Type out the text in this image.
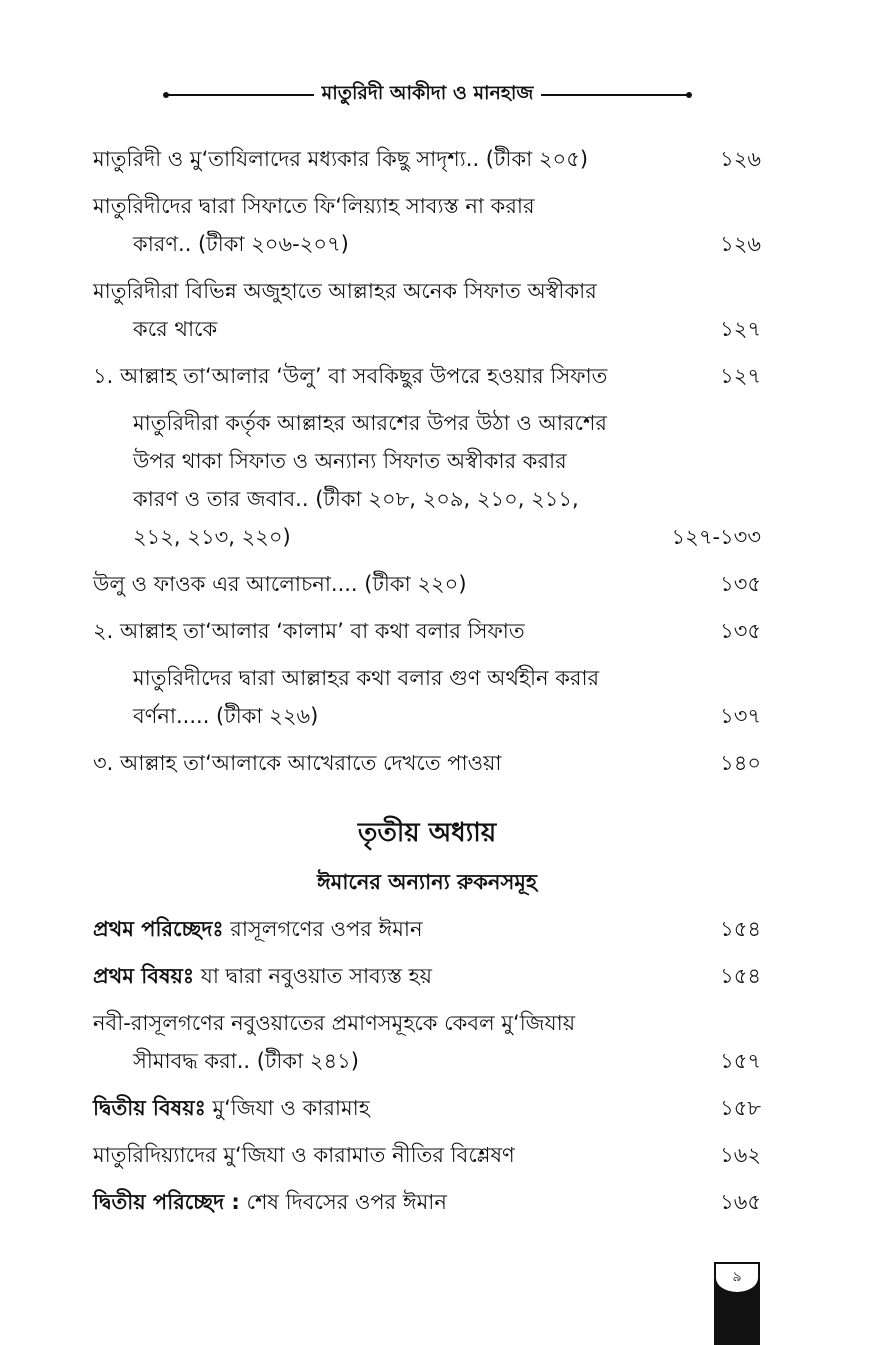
মাতুরিদী আকীদা ও মানহাজ
মাতুরিদী ও মু‘তাযিলাদের মধ্যকার কিছু সাদৃশ্য.. (টীকা ২০৫)	১২৬
মাতুরিদীদের দ্বারা সিফাতে ফি‘লিয়্যাহ সাব্যস্ত না করার
কারণ.. (টীকা ২০৬-২০৭)	১২৬
মাতুরিদীরা বিভিন্ন অজুহাতে আল্লাহর অনেক সিফাত অস্বীকার
করে থাকে	১২৭
১. আল্লাহ তা‘আলার ‘উলু’ বা সবকিছুর উপরে হওয়ার সিফাত	১২৭
মাতুরিদীরা কর্তৃক আল্লাহর আরশের উপর উঠা ও আরশের
উপর থাকা সিফাত ও অন্যান্য সিফাত অস্বীকার করার
কারণ ও তার জবাব.. (টীকা ২০৮, ২০৯, ২১০, ২১১,
২১২, ২১৩, ২২০)	১২৭-১৩৩
উলু ও ফাওক এর আলোচনা.... (টীকা ২২০)	১৩৫
২. আল্লাহ তা‘আলার ‘কালাম’ বা কথা বলার সিফাত	১৩৫
মাতুরিদীদের দ্বারা আল্লাহর কথা বলার গুণ অর্থহীন করার
বর্ণনা..... (টীকা ২২৬)	১৩৭
৩. আল্লাহ তা‘আলাকে আখেরাতে দেখতে পাওয়া	১৪০
তৃতীয় অধ্যায়
ঈমানের অন্যান্য রুকনসমূহ
প্রথম পরিচ্ছেদঃ রাসূলগণের ওপর ঈমান	১৫৪
প্রথম বিষয়ঃ যা দ্বারা নবুওয়াত সাব্যস্ত হয়	১৫৪
নবী-রাসূলগণের নবুওয়াতের প্রমাণসমূহকে কেবল মু‘জিযায়
সীমাবদ্ধ করা.. (টীকা ২৪১)	১৫৭
দ্বিতীয় বিষয়ঃ মু‘জিযা ও কারামাহ	১৫৮
মাতুরিদিয়্যাদের মু‘জিযা ও কারামাত নীতির বিশ্লেষণ	১৬২
দ্বিতীয় পরিচ্ছেদ : শেষ দিবসের ওপর ঈমান	১৬৫
৯
